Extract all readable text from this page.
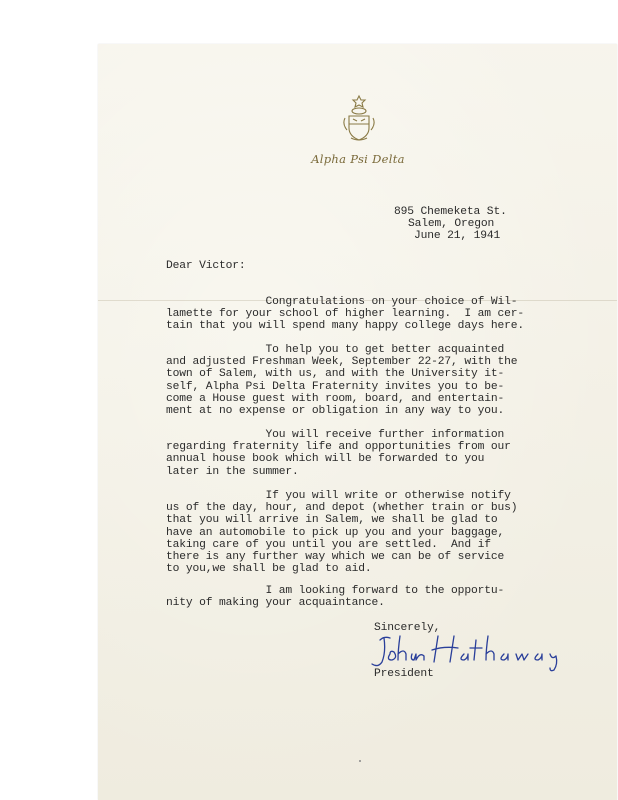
Alpha Psi Delta
895 Chemeketa St.
Salem, Oregon
June 21, 1941
Dear Victor:
Congratulations on your choice of Wil-
lamette for your school of higher learning.  I am cer-
tain that you will spend many happy college days here.
To help you to get better acquainted
and adjusted Freshman Week, September 22-27, with the
town of Salem, with us, and with the University it-
self, Alpha Psi Delta Fraternity invites you to be-
come a House guest with room, board, and entertain-
ment at no expense or obligation in any way to you.
You will receive further information
regarding fraternity life and opportunities from our
annual house book which will be forwarded to you
later in the summer.
If you will write or otherwise notify
us of the day, hour, and depot (whether train or bus)
that you will arrive in Salem, we shall be glad to
have an automobile to pick up you and your baggage,
taking care of you until you are settled.  And if
there is any further way which we can be of service
to you,we shall be glad to aid.
I am looking forward to the opportu-
nity of making your acquaintance.
Sincerely,
President
